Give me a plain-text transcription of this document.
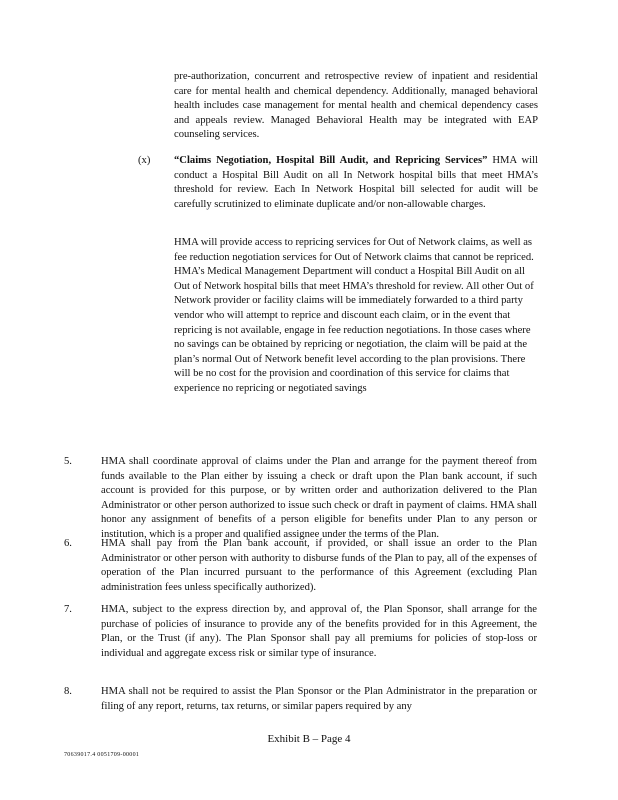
pre-authorization, concurrent and retrospective review of inpatient and residential care for mental health and chemical dependency. Additionally, managed behavioral health includes case management for mental health and chemical dependency cases and appeals review. Managed Behavioral Health may be integrated with EAP counseling services.

(x) “Claims Negotiation, Hospital Bill Audit, and Repricing Services” HMA will conduct a Hospital Bill Audit on all In Network hospital bills that meet HMA’s threshold for review. Each In Network Hospital bill selected for audit will be carefully scrutinized to eliminate duplicate and/or non-allowable charges.

HMA will provide access to repricing services for Out of Network claims, as well as fee reduction negotiation services for Out of Network claims that cannot be repriced. HMA’s Medical Management Department will conduct a Hospital Bill Audit on all Out of Network hospital bills that meet HMA’s threshold for review. All other Out of Network provider or facility claims will be immediately forwarded to a third party vendor who will attempt to reprice and discount each claim, or in the event that repricing is not available, engage in fee reduction negotiations. In those cases where no savings can be obtained by repricing or negotiation, the claim will be paid at the plan’s normal Out of Network benefit level according to the plan provisions. There will be no cost for the provision and coordination of this service for claims that experience no repricing or negotiated savings

5.	HMA shall coordinate approval of claims under the Plan and arrange for the payment thereof from funds available to the Plan either by issuing a check or draft upon the Plan bank account, if such account is provided for this purpose, or by written order and authorization delivered to the Plan Administrator or other person authorized to issue such check or draft in payment of claims. HMA shall honor any assignment of benefits of a person eligible for benefits under Plan to any person or institution, which is a proper and qualified assignee under the terms of the Plan.

6.	HMA shall pay from the Plan bank account, if provided, or shall issue an order to the Plan Administrator or other person with authority to disburse funds of the Plan to pay, all of the expenses of operation of the Plan incurred pursuant to the performance of this Agreement (excluding Plan administration fees unless specifically authorized).

7.	HMA, subject to the express direction by, and approval of, the Plan Sponsor, shall arrange for the purchase of policies of insurance to provide any of the benefits provided for in this Agreement, the Plan, or the Trust (if any). The Plan Sponsor shall pay all premiums for policies of stop-loss or individual and aggregate excess risk or similar type of insurance.

8.	HMA shall not be required to assist the Plan Sponsor or the Plan Administrator in the preparation or filing of any report, returns, tax returns, or similar papers required by any

Exhibit B – Page 4
70639017.4 0051709-00001
